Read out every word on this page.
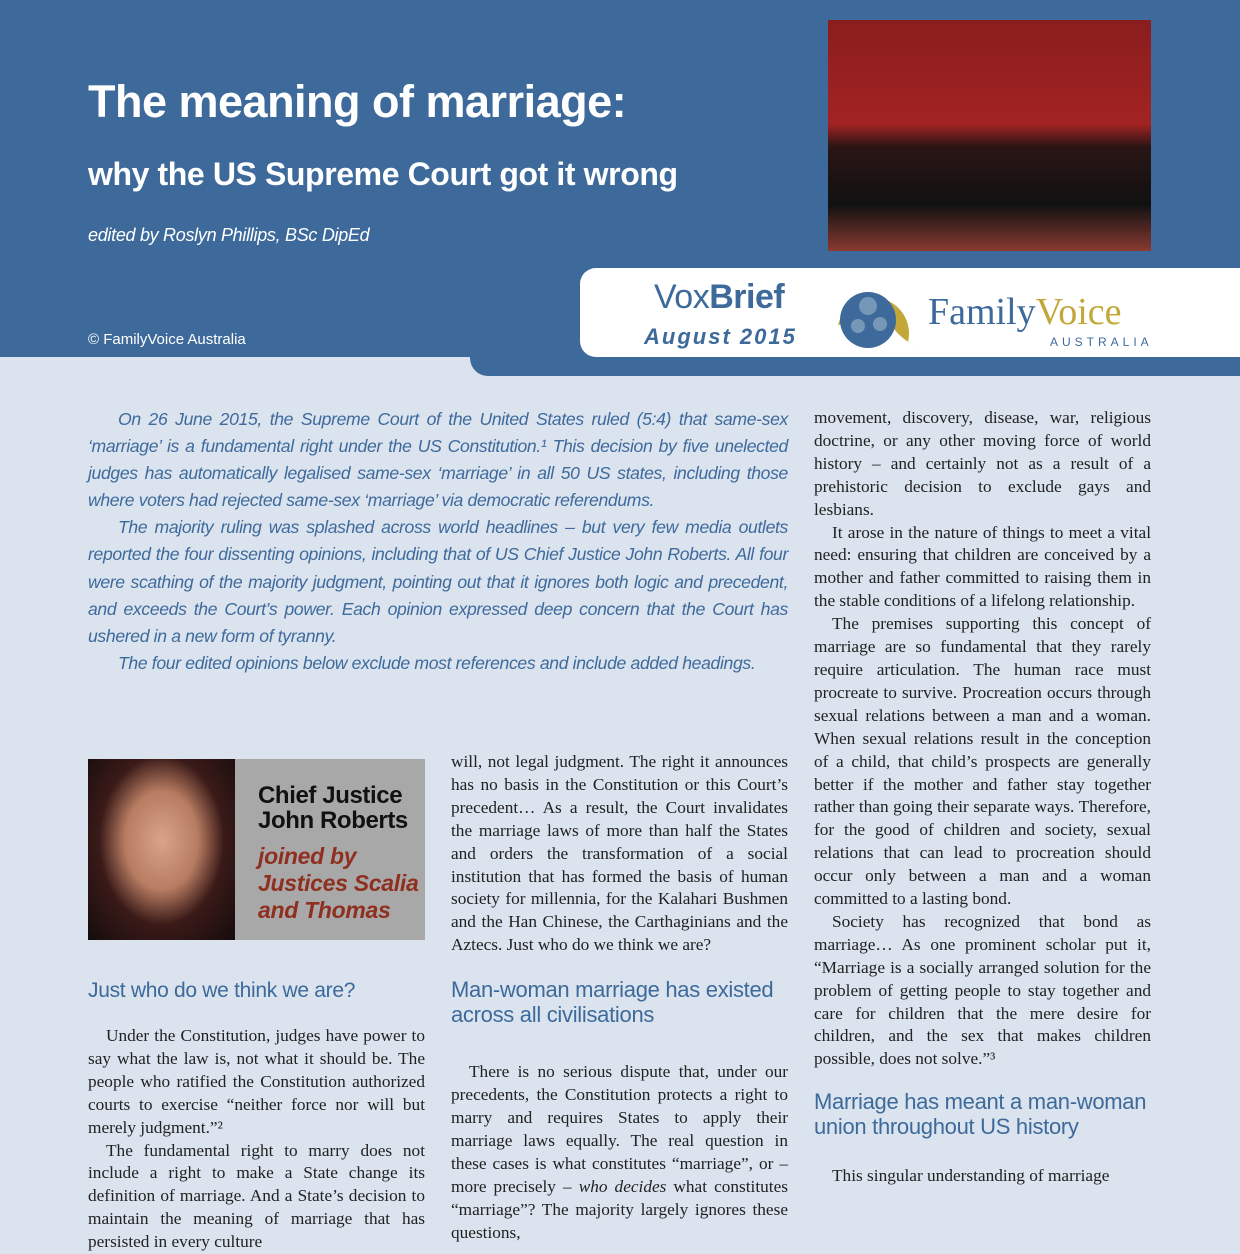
The meaning of marriage:
why the US Supreme Court got it wrong
edited by Roslyn Phillips, BSc DipEd
© FamilyVoice Australia
VoxBrief
August 2015
FamilyVoice
AUSTRALIA

On 26 June 2015, the Supreme Court of the United States ruled (5:4) that same-sex ‘marriage’ is a fundamental right under the US Constitution.¹ This decision by five unelected judges has automatically legalised same-sex ‘marriage’ in all 50 US states, including those where voters had rejected same-sex ‘marriage’ via democratic referendums.

The majority ruling was splashed across world headlines – but very few media outlets reported the four dissenting opinions, including that of US Chief Justice John Roberts. All four were scathing of the majority judgment, pointing out that it ignores both logic and precedent, and exceeds the Court’s power. Each opinion expressed deep concern that the Court has ushered in a new form of tyranny.

The four edited opinions below exclude most references and include added headings.

Chief Justice John Roberts
joined by Justices Scalia and Thomas
Just who do we think we are?

Under the Constitution, judges have power to say what the law is, not what it should be. The people who ratified the Constitution authorized courts to exercise “neither force nor will but merely judgment.”²

The fundamental right to marry does not include a right to make a State change its definition of marriage. And a State’s decision to maintain the meaning of marriage that has persisted in every culture

will, not legal judgment. The right it announces has no basis in the Constitution or this Court’s precedent… As a result, the Court invalidates the marriage laws of more than half the States and orders the transformation of a social institution that has formed the basis of human society for millennia, for the Kalahari Bushmen and the Han Chinese, the Carthaginians and the Aztecs. Just who do we think we are?

Man-woman marriage has existed across all civilisations

There is no serious dispute that, under our precedents, the Constitution protects a right to marry and requires States to apply their marriage laws equally. The real question in these cases is what constitutes “marriage”, or – more precisely – who decides what constitutes “marriage”? The majority largely ignores these questions,

movement, discovery, disease, war, religious doctrine, or any other moving force of world history – and certainly not as a result of a prehistoric decision to exclude gays and lesbians.

It arose in the nature of things to meet a vital need: ensuring that children are conceived by a mother and father committed to raising them in the stable conditions of a lifelong relationship.

The premises supporting this concept of marriage are so fundamental that they rarely require articulation. The human race must procreate to survive. Procreation occurs through sexual relations between a man and a woman. When sexual relations result in the conception of a child, that child’s prospects are generally better if the mother and father stay together rather than going their separate ways. Therefore, for the good of children and society, sexual relations that can lead to procreation should occur only between a man and a woman committed to a lasting bond.

Society has recognized that bond as marriage… As one prominent scholar put it, “Marriage is a socially arranged solution for the problem of getting people to stay together and care for children that the mere desire for children, and the sex that makes children possible, does not solve.”³

Marriage has meant a man-woman union throughout US history

This singular understanding of marriage
